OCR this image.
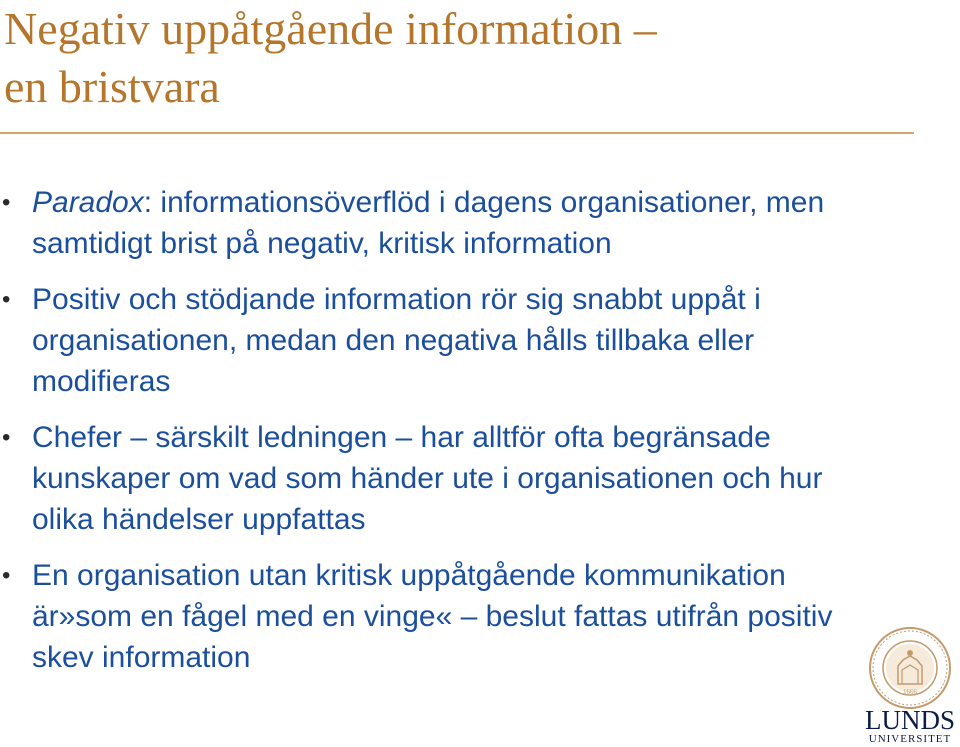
Negativ uppåtgående information –
en bristvara
• Paradox: informationsöverflöd i dagens organisationer, men samtidigt brist på negativ, kritisk information
• Positiv och stödjande information rör sig snabbt uppåt i organisationen, medan den negativa hålls tillbaka eller modifieras
• Chefer – särskilt ledningen – har alltför ofta begränsade kunskaper om vad som händer ute i organisationen och hur olika händelser uppfattas
• En organisation utan kritisk uppåtgående kommunikation är»som en fågel med en vinge« – beslut fattas utifrån positiv skev information
1666
LUNDS
UNIVERSITET
